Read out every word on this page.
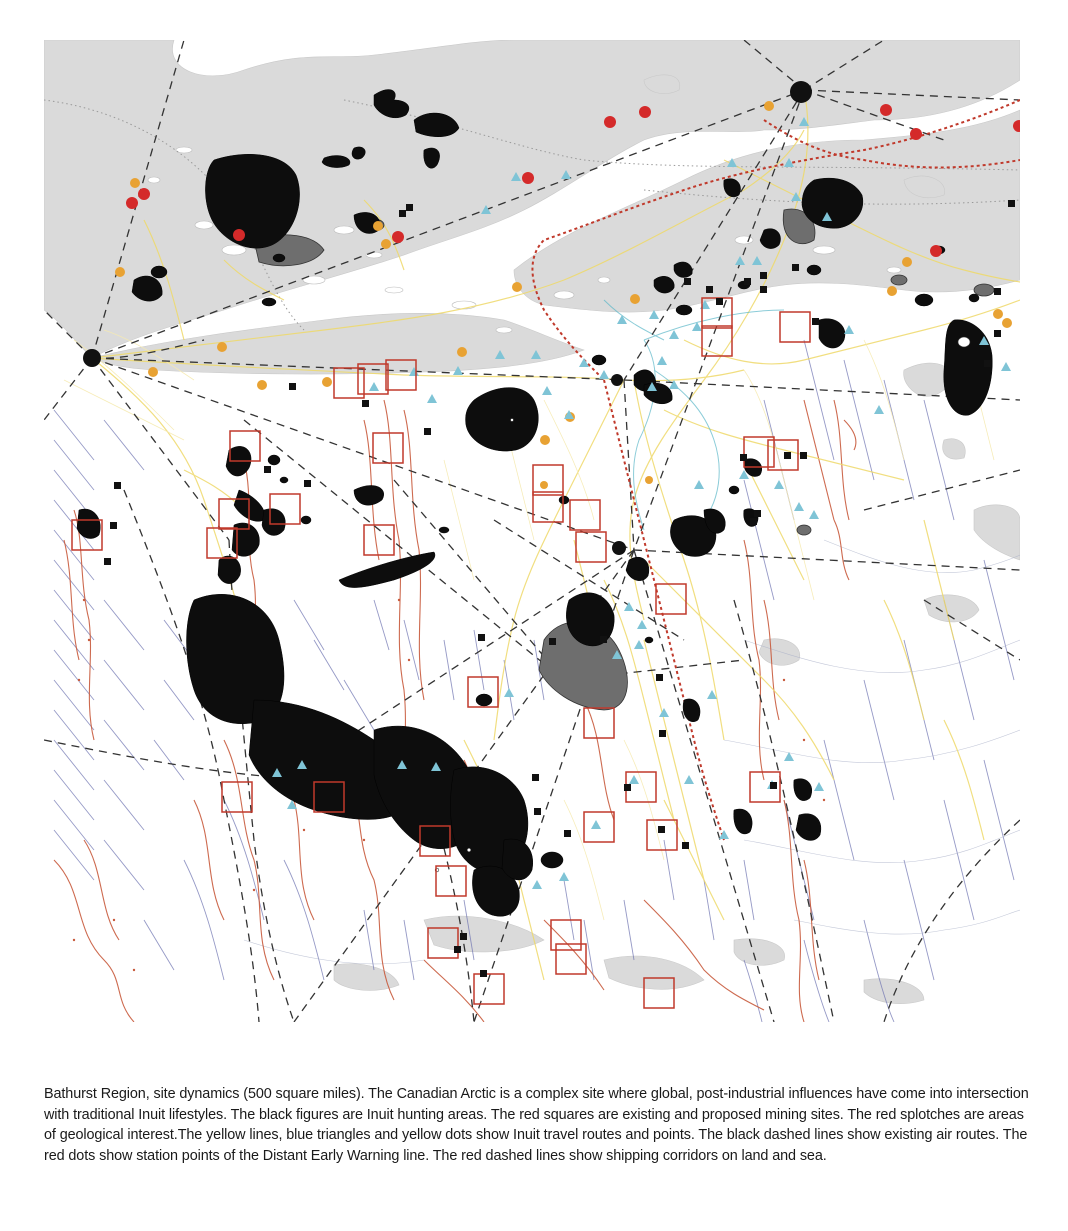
Bathurst Region, site dynamics (500 square miles). The Canadian Arctic is a complex site where global, post-industrial influences have come into intersection with traditional Inuit lifestyles. The black figures are Inuit hunting areas. The red squares are existing and proposed mining sites. The red splotches are areas of geological interest.The yellow lines, blue triangles and yellow dots show Inuit travel routes and points. The black dashed lines show existing air routes. The red dots show station points of the Distant Early Warning line. The red dashed lines show shipping corridors on land and sea.
